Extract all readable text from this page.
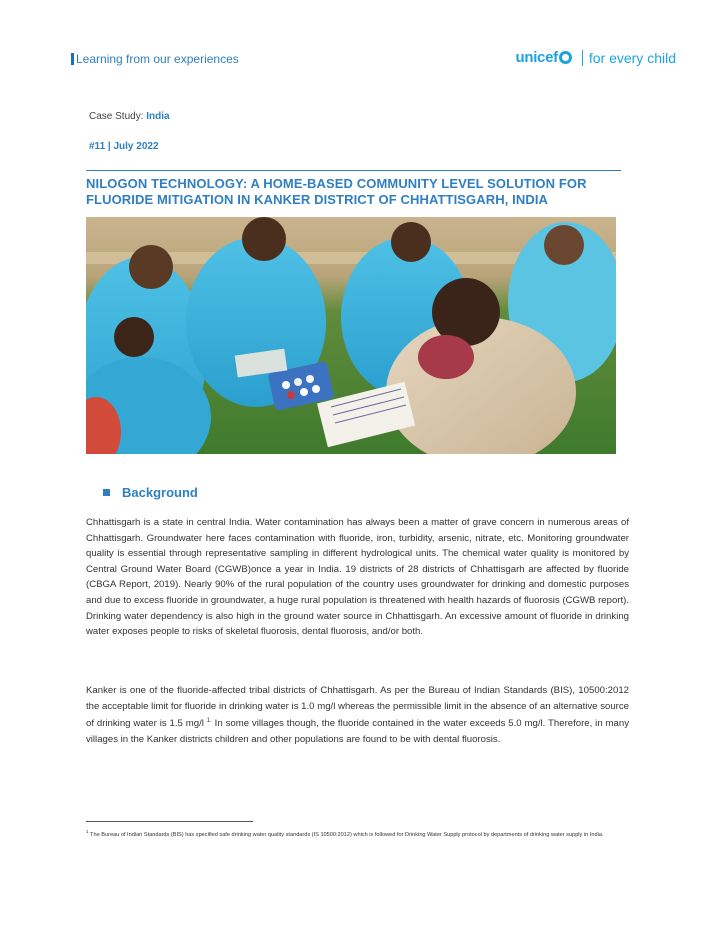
Learning from our experiences	unicef for every child
Case Study: India
#11 | July 2022
NILOGON TECHNOLOGY: A HOME-BASED COMMUNITY LEVEL SOLUTION FOR FLUORIDE MITIGATION IN KANKER DISTRICT OF CHHATTISGARH, INDIA
Background

Chhattisgarh is a state in central India. Water contamination has always been a matter of grave concern in numerous areas of Chhattisgarh. Groundwater here faces contamination with fluoride, iron, turbidity, arsenic, nitrate, etc. Monitoring groundwater quality is essential through representative sampling in different hydrological units. The chemical water quality is monitored by Central Ground Water Board (CGWB)once a year in India. 19 districts of 28 districts of Chhattisgarh are affected by fluoride (CBGA Report, 2019). Nearly 90% of the rural population of the country uses groundwater for drinking and domestic purposes and due to excess fluoride in groundwater, a huge rural population is threatened with health hazards of fluorosis (CGWB report). Drinking water dependency is also high in the ground water source in Chhattisgarh. An excessive amount of fluoride in drinking water exposes people to risks of skeletal fluorosis, dental fluorosis, and/or both.

Kanker is one of the fluoride-affected tribal districts of Chhattisgarh. As per the Bureau of Indian Standards (BIS), 10500:2012 the acceptable limit for fluoride in drinking water is 1.0 mg/l whereas the permissible limit in the absence of an alternative source of drinking water is 1.5 mg/l $^{1.}$ In some villages though, the fluoride contained in the water exceeds 5.0 mg/l. Therefore, in many villages in the Kanker districts children and other populations are found to be with dental fluorosis.

$^1$ The Bureau of Indian Standards (BIS) has specified safe drinking water quality standards (IS 10500:2012) which is followed for Drinking Water Supply protocol by departments of drinking water supply in India.
